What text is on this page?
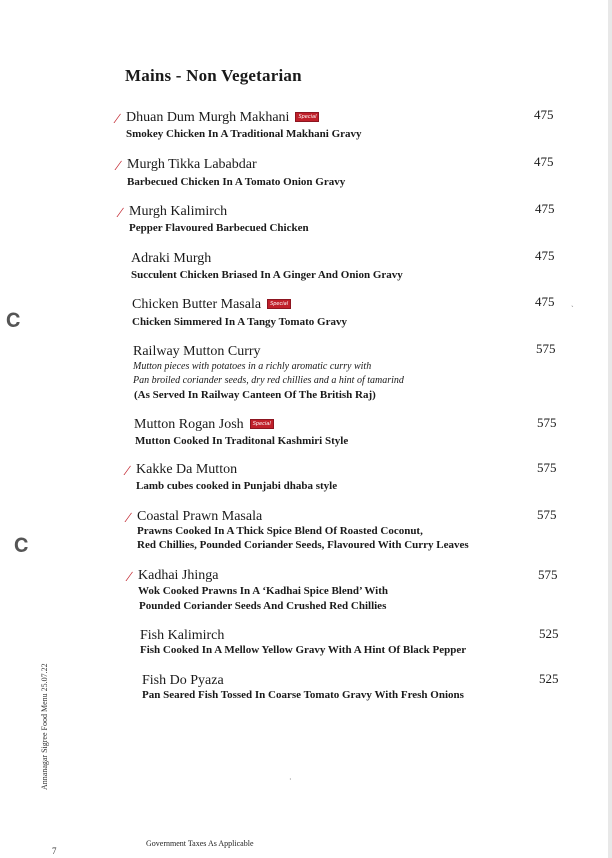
Mains - Non Vegetarian
∕ Dhuan Dum Murgh Makhani Special
Smokey Chicken In A Traditional Makhani Gravy
475
∕ Murgh Tikka Lababdar
Barbecued Chicken In A Tomato Onion Gravy
475
∕ Murgh Kalimirch
Pepper Flavoured Barbecued Chicken
475
Adraki Murgh
Succulent Chicken Briased In A Ginger And Onion Gravy
475
Chicken Butter Masala Special
Chicken Simmered In A Tangy Tomato Gravy
475
Railway Mutton Curry
Mutton pieces with potatoes in a richly aromatic curry with
Pan broiled coriander seeds, dry red chillies and a hint of tamarind
(As Served In Railway Canteen Of The British Raj)
575
Mutton Rogan Josh Special
Mutton Cooked In Traditonal Kashmiri Style
575
∕ Kakke Da Mutton
Lamb cubes cooked in Punjabi dhaba style
575
∕ Coastal Prawn Masala
Prawns Cooked In A Thick Spice Blend Of Roasted Coconut,
Red Chillies, Pounded Coriander Seeds, Flavoured With Curry Leaves
575
∕ Kadhai Jhinga
Wok Cooked Prawns In A ‘Kadhai Spice Blend’ With
Pounded Coriander Seeds And Crushed Red Chillies
575
Fish Kalimirch
Fish Cooked In A Mellow Yellow Gravy With A Hint Of Black Pepper
525
Fish Do Pyaza
Pan Seared Fish Tossed In Coarse Tomato Gravy With Fresh Onions
525
𝐂
𝐂
ˏ
·
Annanagar Sigree Food Menu 25.07.22
7
Government Taxes As Applicable
